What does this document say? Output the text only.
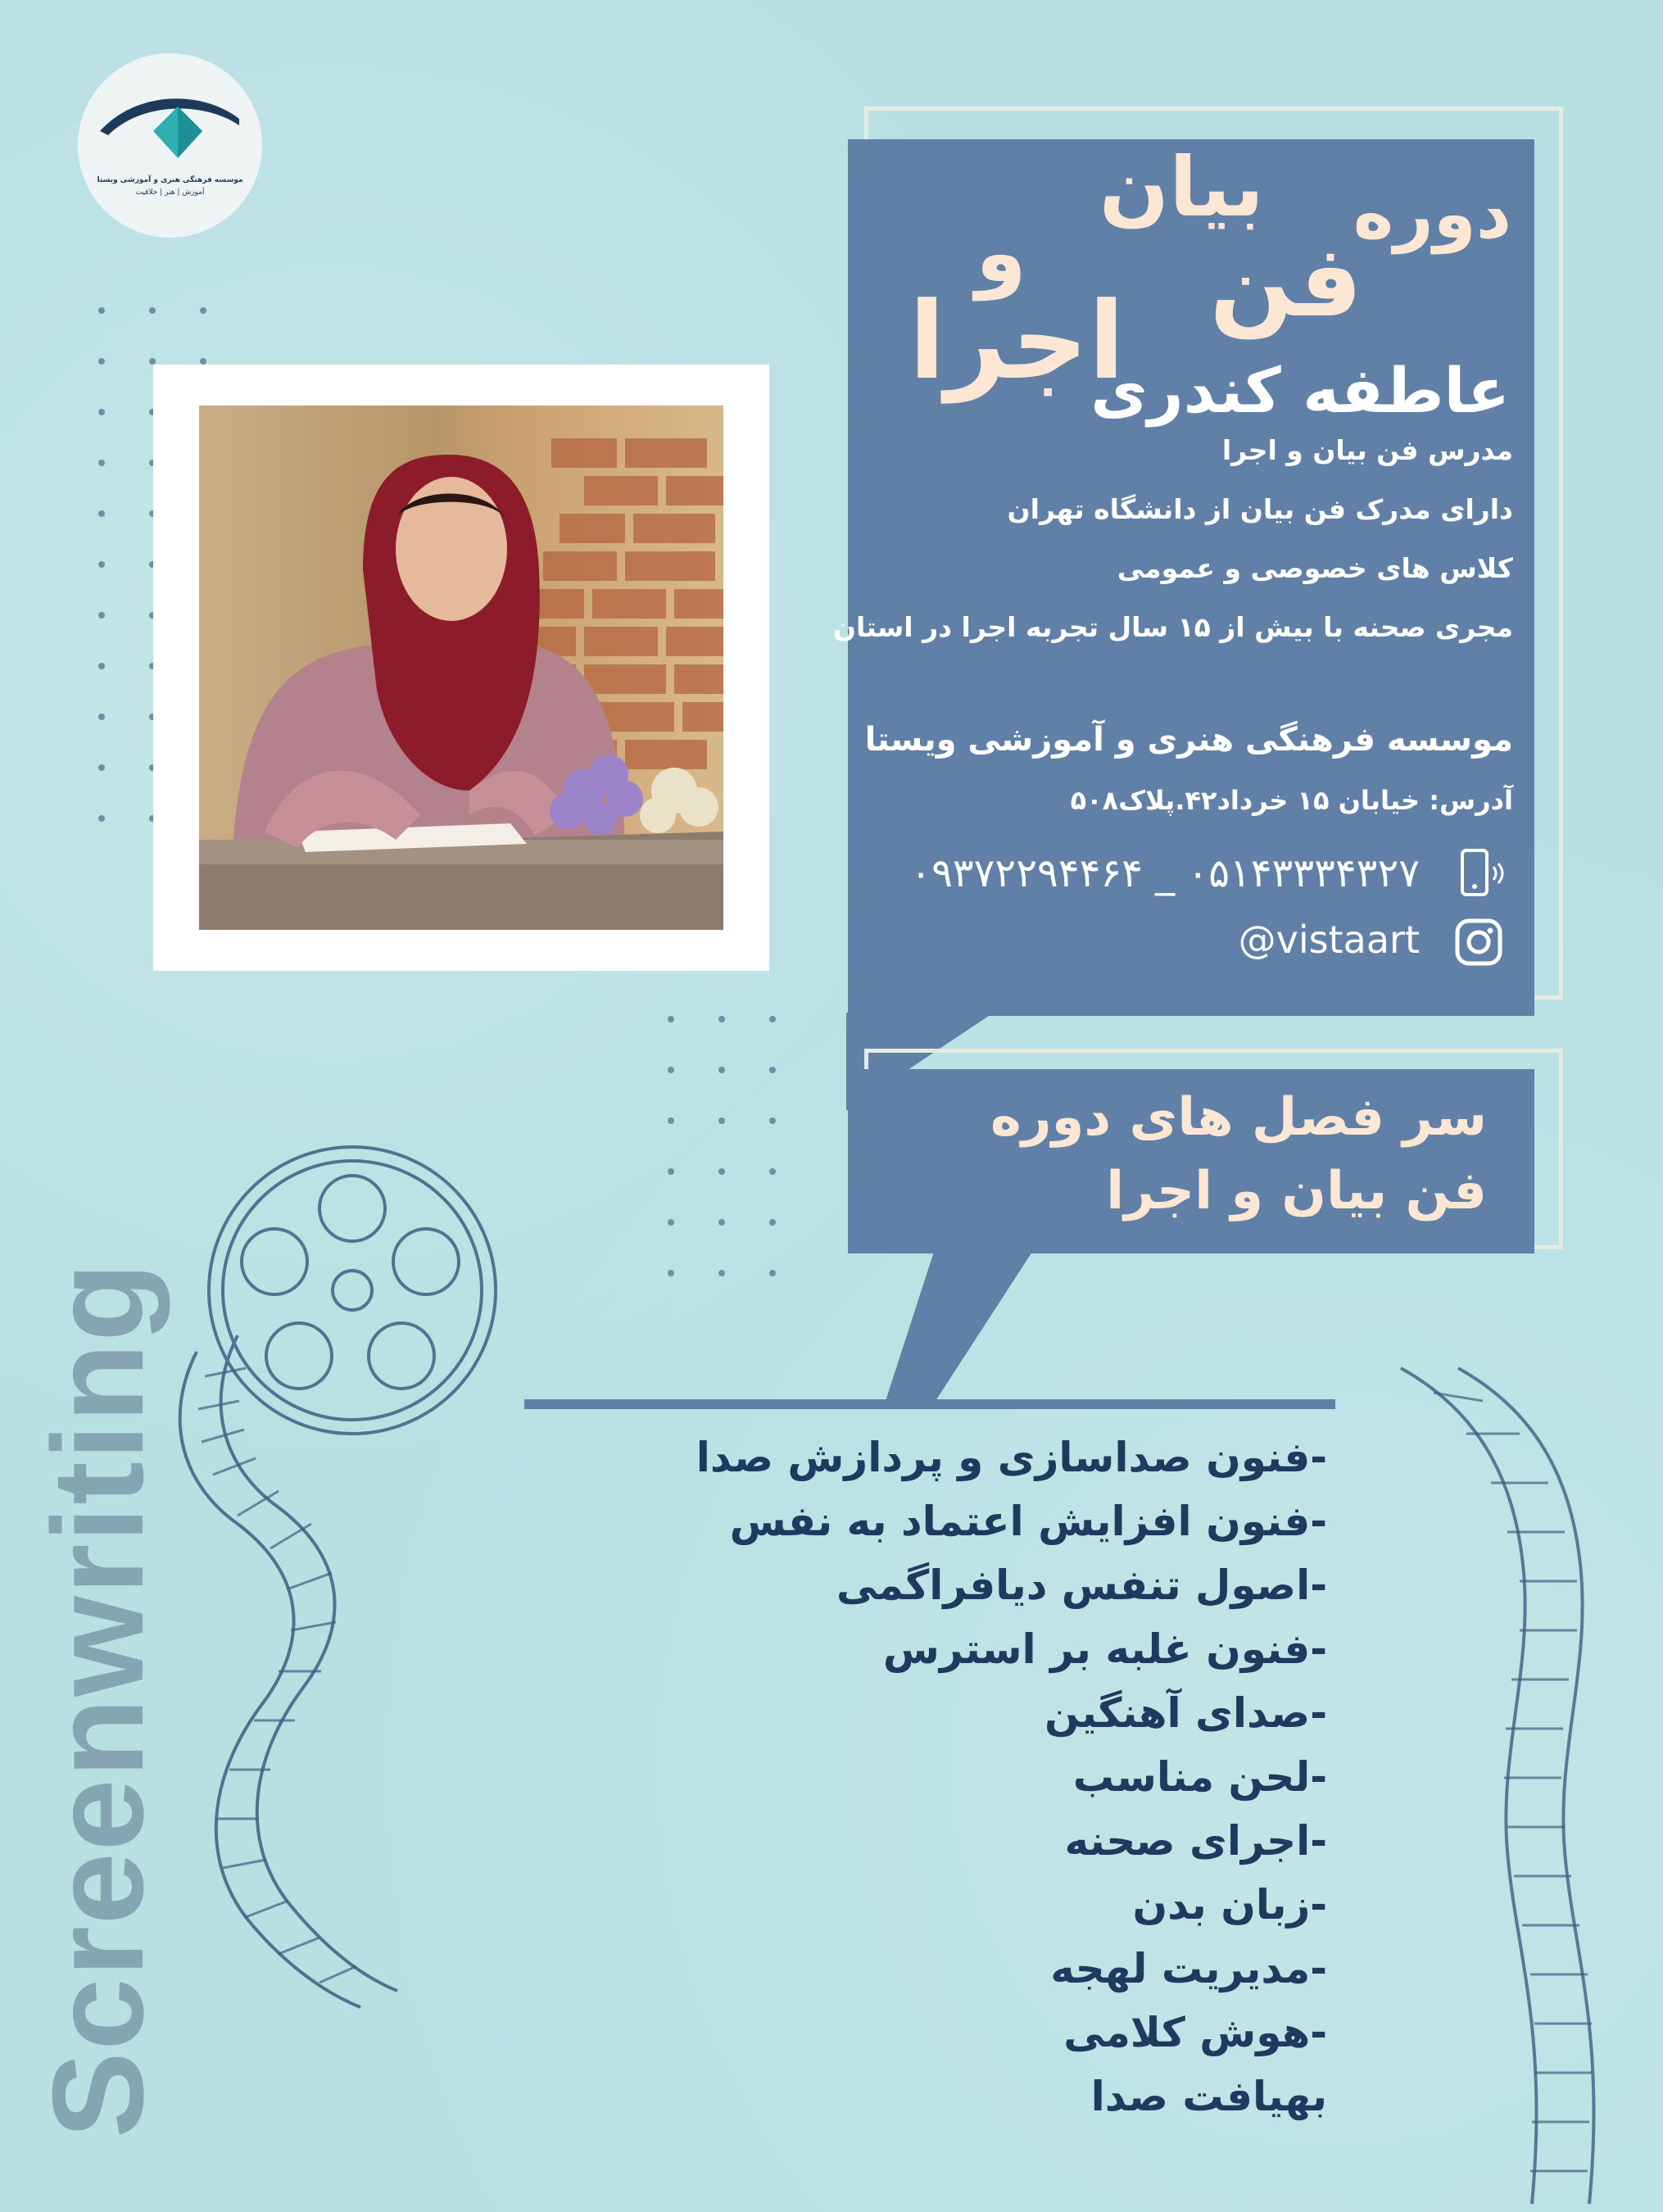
Screenwriting
موسسه فرهنگی هنری و آموزشی ویستا
آموزش | هنر | خلاقیت	دوره
بیان
و فن
اجرا
عاطفه کندری
مدرس فن بیان و اجرا
دارای مدرک فن بیان از دانشگاه تهران
کلاس های خصوصی و عمومی
مجری صحنه با بیش از ۱۵ سال تجربه اجرا در استان
موسسه فرهنگی هنری و آموزشی ویستا
آدرس: خیابان ۱۵ خرداد۴۲.پلاک۵۰۸
۰۵۱۴۳۳۳۴۳۲۷ _ ۰۹۳۷۲۲۹۴۴۶۴
@vistaart
سر فصل های دوره
فن بیان و اجرا
-فنون صداسازی و پردازش صدا
-فنون افزایش اعتماد به نفس
-اصول تنفس دیافراگمی
-فنون غلبه بر استرس
-صدای آهنگین
-لحن مناسب
-اجرای صحنه
-زبان بدن
-مدیریت لهجه
-هوش کلامی
بهیافت صدا
